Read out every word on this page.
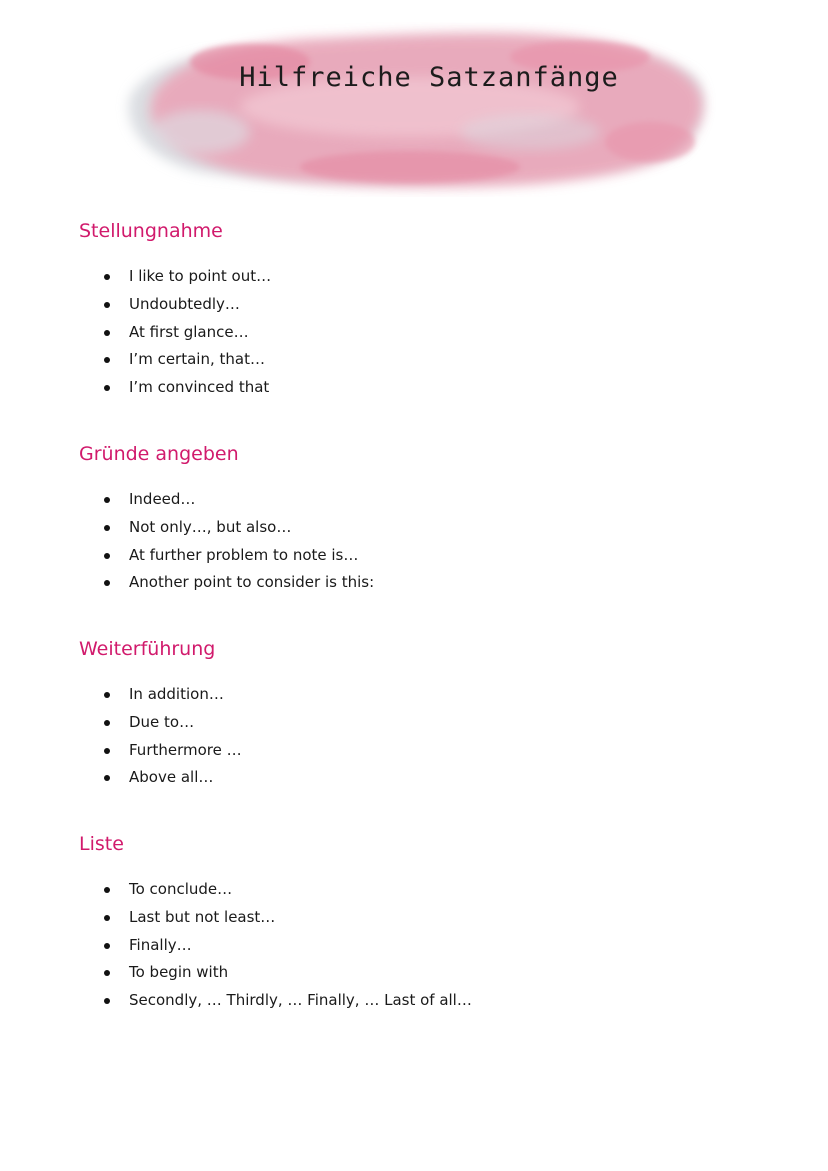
Hilfreiche Satzanfänge
Stellungnahme
I like to point out…
Undoubtedly…
At first glance…
I’m certain, that…
I’m convinced that
Gründe angeben
Indeed…
Not only…, but also…
At further problem to note is…
Another point to consider is this:
Weiterführung
In addition…
Due to…
Furthermore …
Above all…
Liste
To conclude…
Last but not least…
Finally…
To begin with
Secondly, … Thirdly, … Finally, … Last of all…
